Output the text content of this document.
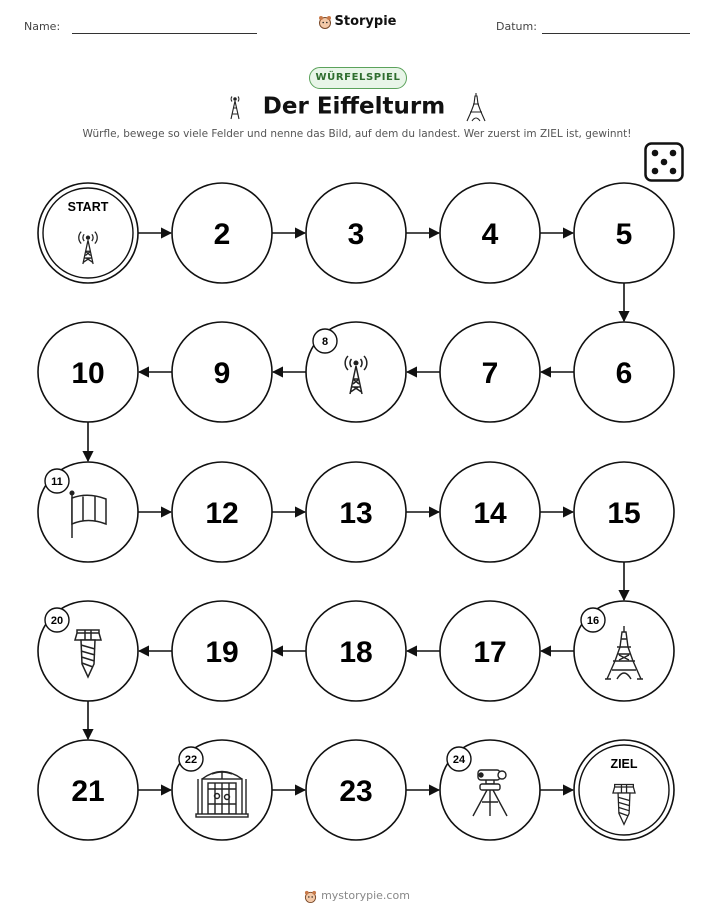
Name:	Storypie	Datum:
WÜRFELSPIEL
Der Eiffelturm
Würfle, bewege so viele Felder und nenne das Bild, auf dem du landest. Wer zuerst im ZIEL ist, gewinnt!
START
2	3	4	5
6
7
8
9
10
11
12	13	14	15
16
17
18
19
20
21
22
23
24	ZIEL
mystorypie.com
